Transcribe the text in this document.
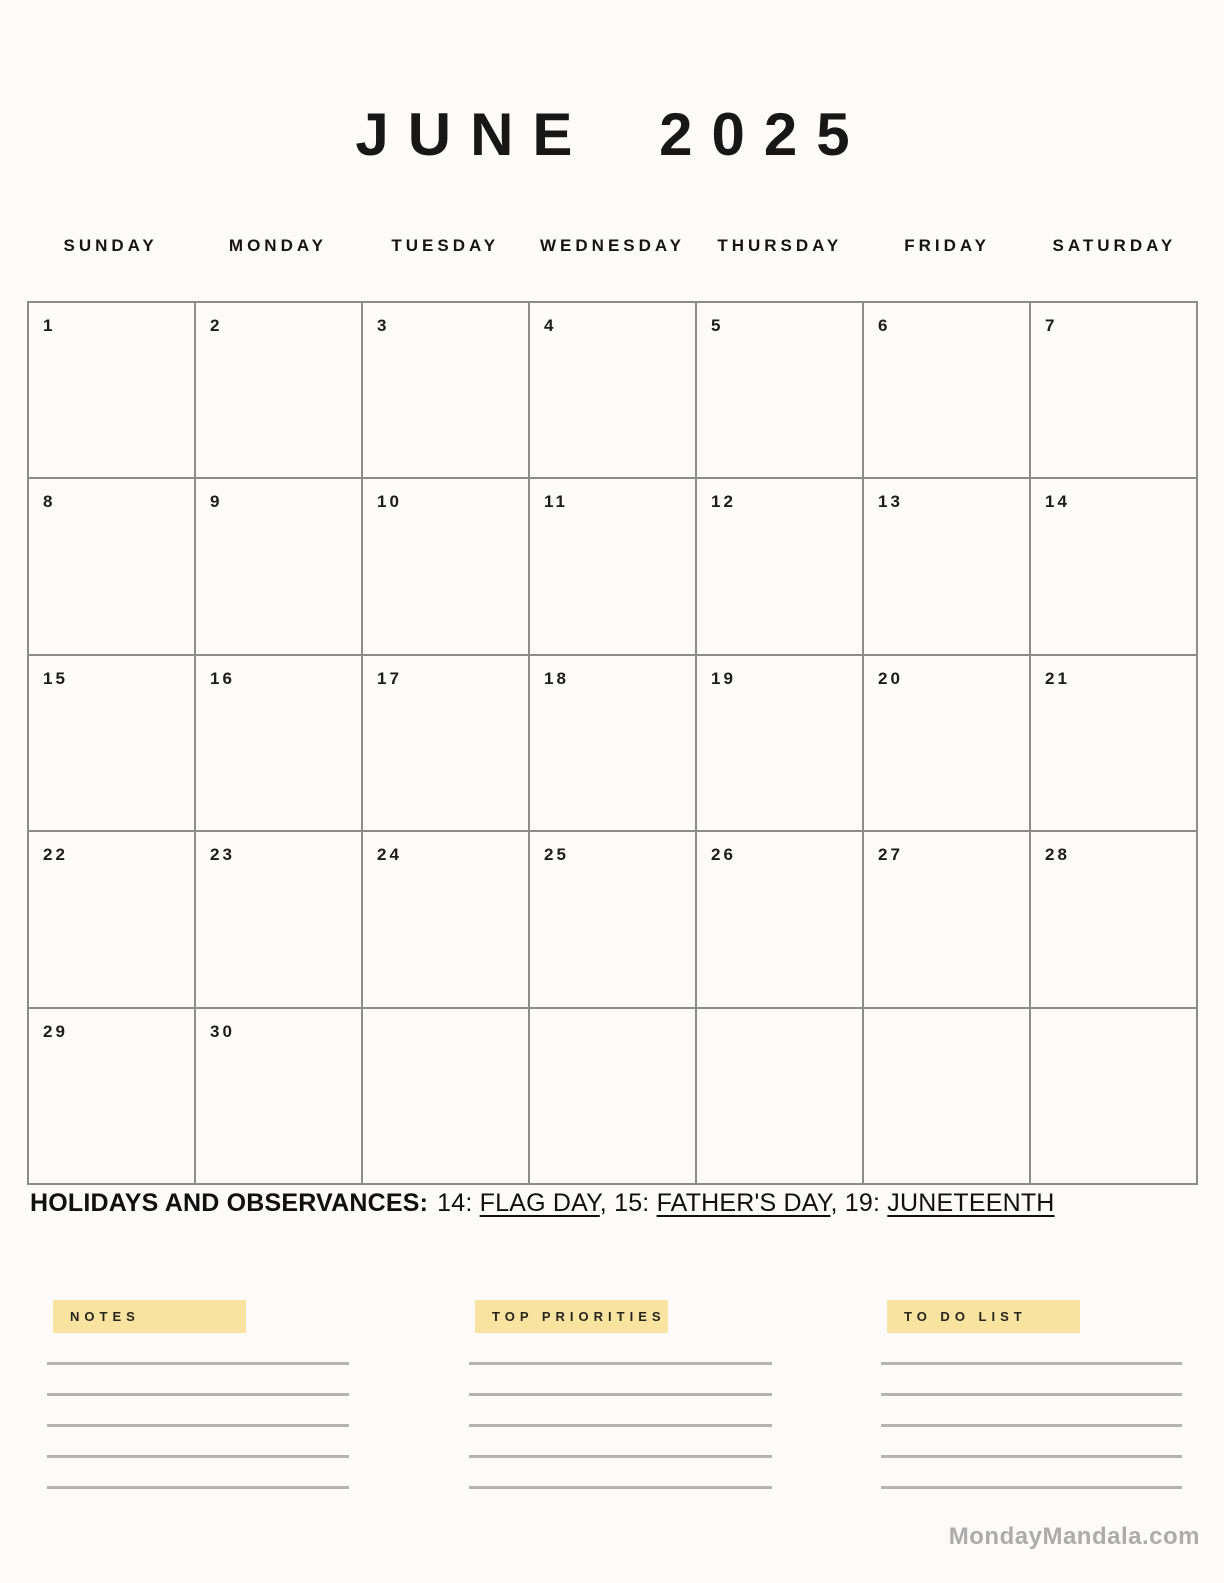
JUNE 2025
SUNDAY	MONDAY	TUESDAY	WEDNESDAY	THURSDAY	FRIDAY	SATURDAY
1	2	3	4	5	6	7
8	9	10	11	12	13	14
15	16	17	18	19	20	21
22	23	24	25	26	27	28
29	30
HOLIDAYS AND OBSERVANCES: 14: FLAG DAY, 15: FATHER'S DAY, 19: JUNETEENTH
NOTES	TOP PRIORITIES	TO DO LIST
MondayMandala.com
